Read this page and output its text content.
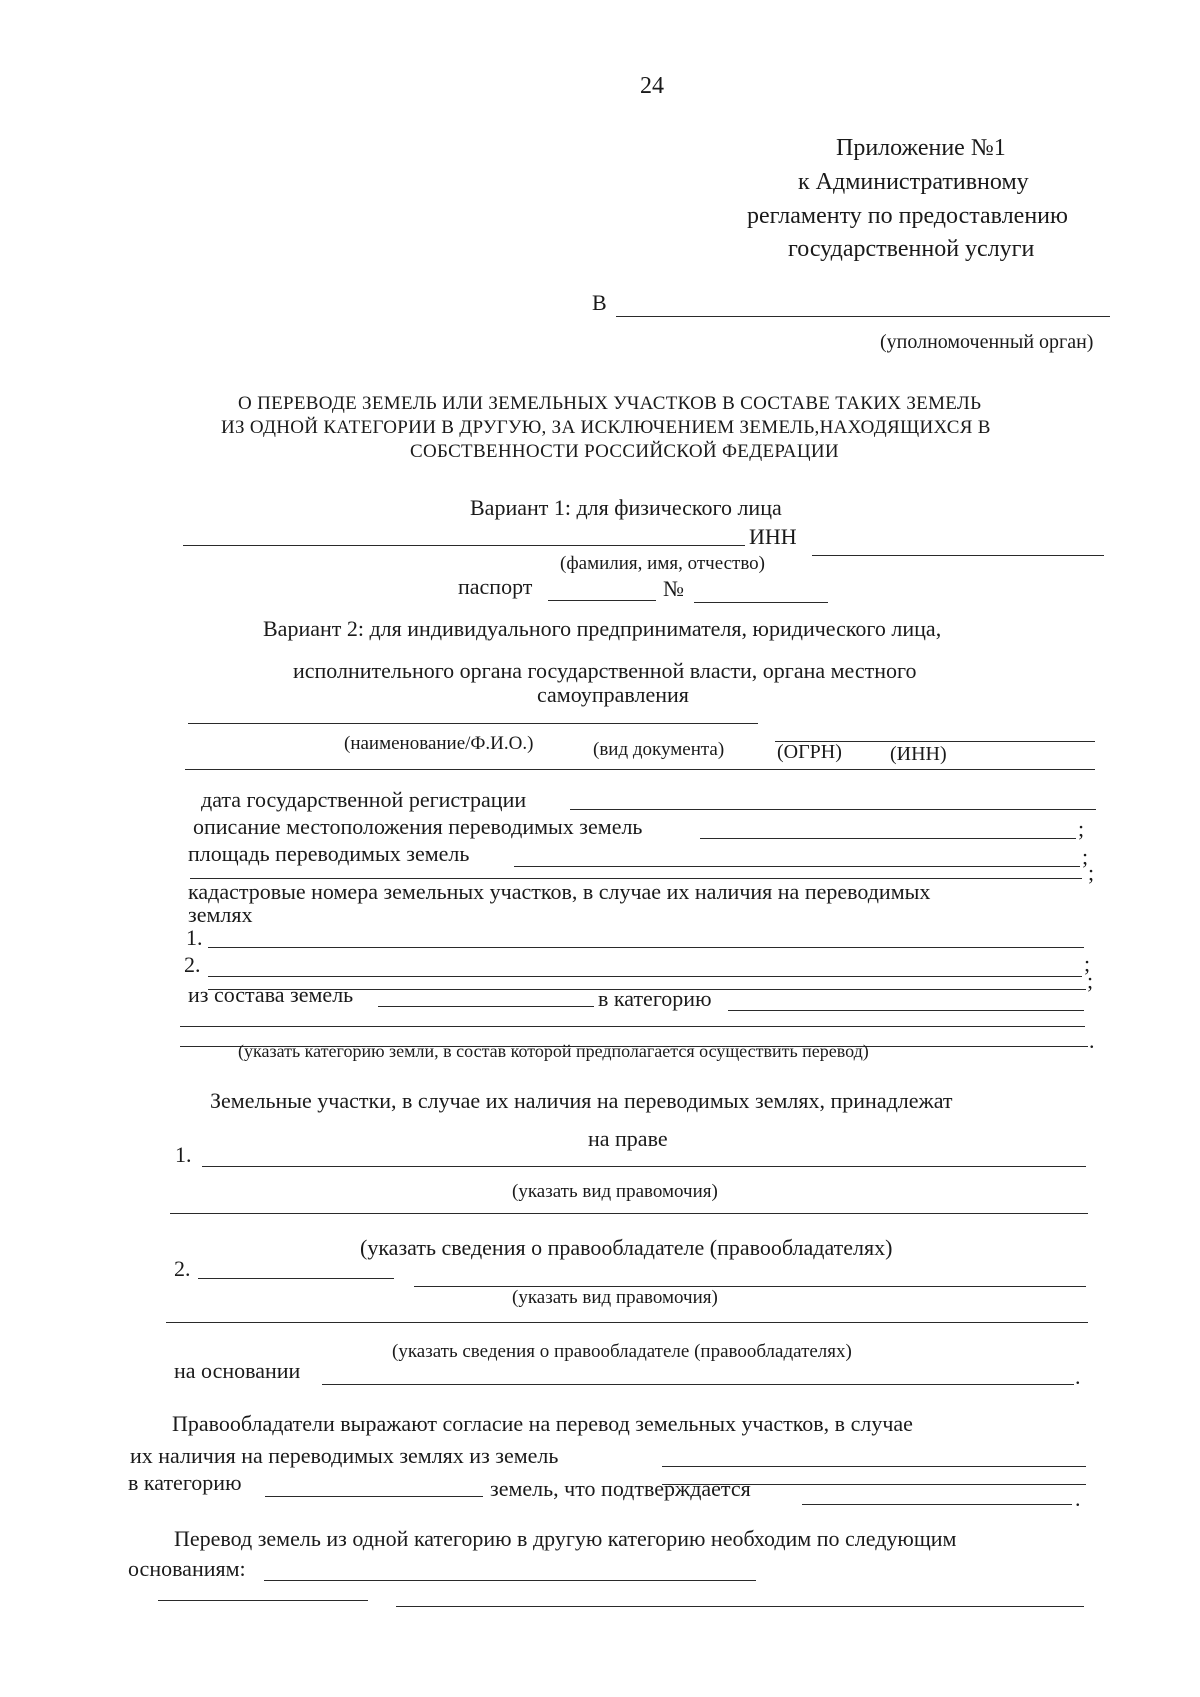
24
Приложение №1
к Административному
регламенту по предоставлению
государственной услуги
В
(уполномоченный орган)
О ПЕРЕВОДЕ ЗЕМЕЛЬ ИЛИ ЗЕМЕЛЬНЫХ УЧАСТКОВ В СОСТАВЕ ТАКИХ ЗЕМЕЛЬ
ИЗ ОДНОЙ КАТЕГОРИИ В ДРУГУЮ, ЗА ИСКЛЮЧЕНИЕМ ЗЕМЕЛЬ,НАХОДЯЩИХСЯ В
СОБСТВЕННОСТИ РОССИЙСКОЙ ФЕДЕРАЦИИ
Вариант 1: для физического лица
ИНН
(фамилия, имя, отчество)
паспорт	№
Вариант 2: для индивидуального предпринимателя, юридического лица,
исполнительного органа государственной власти, органа местного
самоуправления
(наименование/Ф.И.О.)	(вид документа)	(ОГРН) (ИНН)
дата государственной регистрации
описание местоположения переводимых земель	;
площадь переводимых земель	;
;
кадастровые номера земельных участков, в случае их наличия на переводимых
землях
1.
2.	;
;
из состава земель	в категорию
.
(указать категорию земли, в состав которой предполагается осуществить перевод)
Земельные участки, в случае их наличия на переводимых землях, принадлежат
на праве
1.
(указать вид правомочия)
(указать сведения о правообладателе (правообладателях)
2.
(указать вид правомочия)
(указать сведения о правообладателе (правообладателях)
на основании	.
Правообладатели выражают согласие на перевод земельных участков, в случае
их наличия на переводимых землях из земель
в категорию	земель, что подтверждается	.
Перевод земель из одной категорию в другую категорию необходим по следующим
основаниям:
